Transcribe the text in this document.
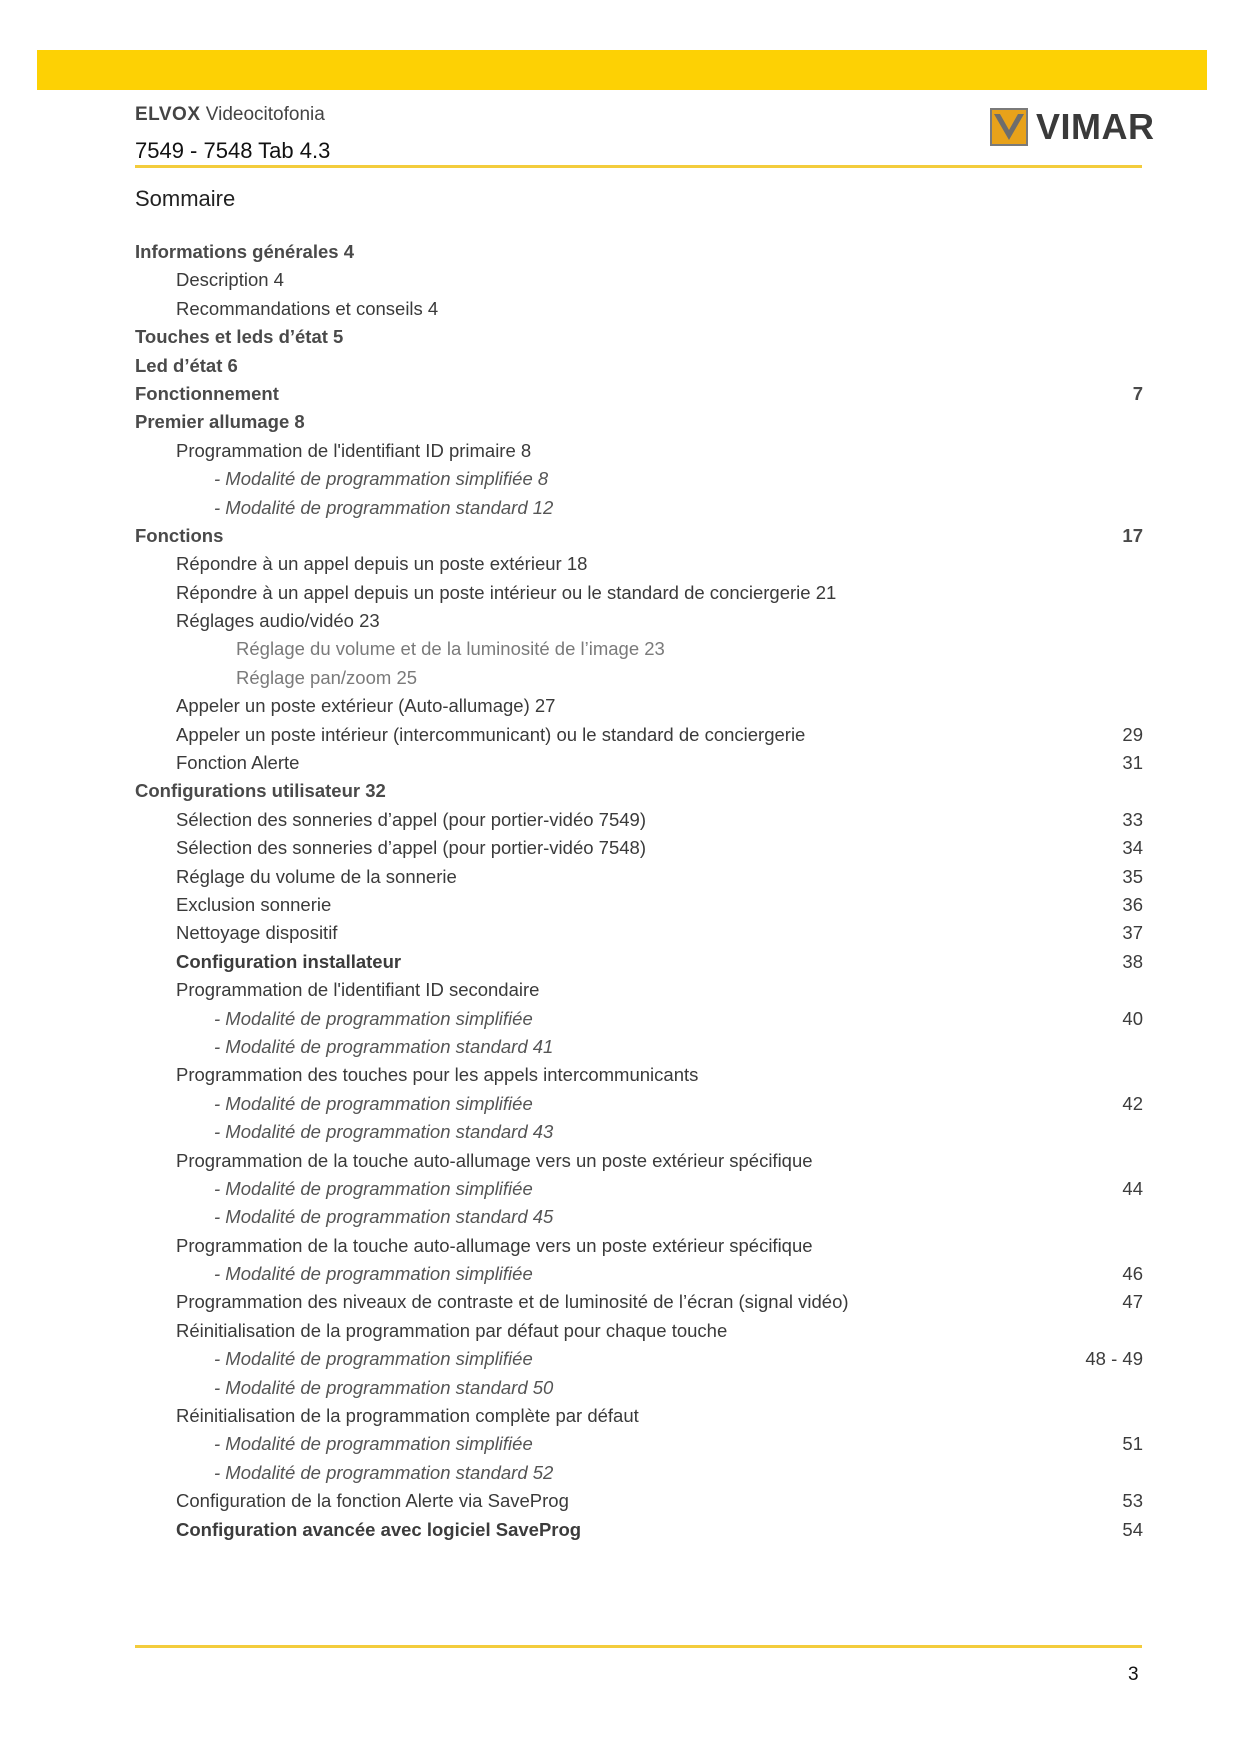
ELVOX Videocitofonia
7549 - 7548 Tab 4.3
VIMAR
Sommaire
Informations générales 4
Description 4
Recommandations et conseils 4
Touches et leds d’état 5
Led d’état 6
Fonctionnement	7
Premier allumage 8
Programmation de l'identifiant ID primaire 8
- Modalité de programmation simplifiée 8
- Modalité de programmation standard 12
Fonctions	17
Répondre à un appel depuis un poste extérieur 18
Répondre à un appel depuis un poste intérieur ou le standard de conciergerie 21
Réglages audio/vidéo 23
Réglage du volume et de la luminosité de l’image 23
Réglage pan/zoom 25
Appeler un poste extérieur (Auto-allumage) 27
Appeler un poste intérieur (intercommunicant) ou le standard de conciergerie	29
Fonction Alerte	31
Configurations utilisateur 32
Sélection des sonneries d’appel (pour portier-vidéo 7549)	33
Sélection des sonneries d’appel (pour portier-vidéo 7548)	34
Réglage du volume de la sonnerie	35
Exclusion sonnerie	36
Nettoyage dispositif	37
Configuration installateur	38
Programmation de l'identifiant ID secondaire
- Modalité de programmation simplifiée	40
- Modalité de programmation standard 41
Programmation des touches pour les appels intercommunicants
- Modalité de programmation simplifiée	42
- Modalité de programmation standard 43
Programmation de la touche auto-allumage vers un poste extérieur spécifique
- Modalité de programmation simplifiée	44
- Modalité de programmation standard 45
Programmation de la touche auto-allumage vers un poste extérieur spécifique
- Modalité de programmation simplifiée	46
Programmation des niveaux de contraste et de luminosité de l’écran (signal vidéo)	47
Réinitialisation de la programmation par défaut pour chaque touche
- Modalité de programmation simplifiée	48 - 49
- Modalité de programmation standard 50
Réinitialisation de la programmation complète par défaut
- Modalité de programmation simplifiée	51
- Modalité de programmation standard 52
Configuration de la fonction Alerte via SaveProg	53
Configuration avancée avec logiciel SaveProg	54
3
